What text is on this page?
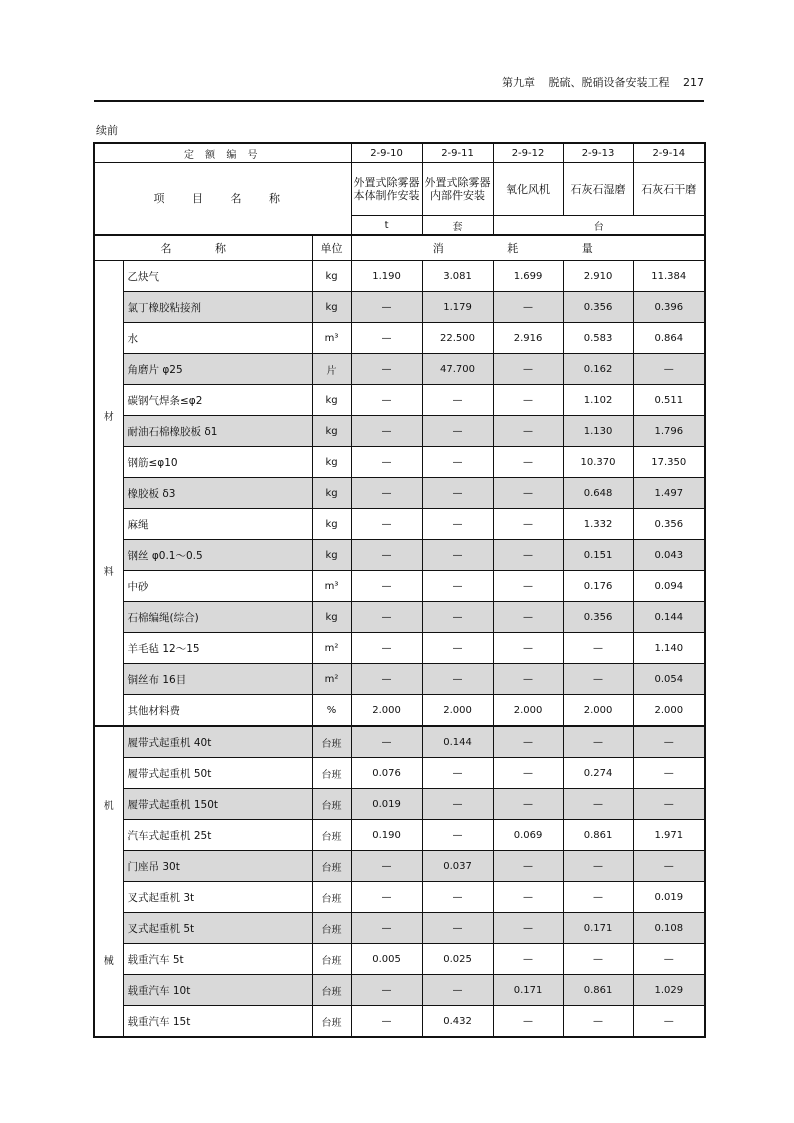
第九章 脱硫、脱硝设备安装工程 217
续前
定 额 编 号			2-9-10	2-9-11	2-9-12	2-9-13	2-9-14
项 目 名 称			外置式除雾器本体制作安装	外置式除雾器内部件安装	氧化风机	石灰石湿磨	石灰石干磨
			t	套	台		
名 称		单位	消 耗 量				

材
料	乙炔气	kg	1.190	3.081	1.699	2.910	11.384
	氯丁橡胶粘接剂	kg	—	1.179	—	0.356	0.396
	水	m³	—	22.500	2.916	0.583	0.864
	角磨片 φ25	片	—	47.700	—	0.162	—
	碳钢气焊条≤φ2	kg	—	—	—	1.102	0.511
	耐油石棉橡胶板 δ1	kg	—	—	—	1.130	1.796
	钢筋≤φ10	kg	—	—	—	10.370	17.350
	橡胶板 δ3	kg	—	—	—	0.648	1.497
	麻绳	kg	—	—	—	1.332	0.356
	钢丝 φ0.1～0.5	kg	—	—	—	0.151	0.043
	中砂	m³	—	—	—	0.176	0.094
	石棉编绳(综合)	kg	—	—	—	0.356	0.144
	羊毛毡 12～15	m²	—	—	—	—	1.140
	铜丝布 16目	m²	—	—	—	—	0.054
	其他材料费	%	2.000	2.000	2.000	2.000	2.000

机
械	履带式起重机 40t	台班	—	0.144	—	—	—
	履带式起重机 50t	台班	0.076	—	—	0.274	—
	履带式起重机 150t	台班	0.019	—	—	—	—
	汽车式起重机 25t	台班	0.190	—	0.069	0.861	1.971
	门座吊 30t	台班	—	0.037	—	—	—
	叉式起重机 3t	台班	—	—	—	—	0.019
	叉式起重机 5t	台班	—	—	—	0.171	0.108
	载重汽车 5t	台班	0.005	0.025	—	—	—
	载重汽车 10t	台班	—	—	0.171	0.861	1.029
	载重汽车 15t	台班	—	0.432	—	—	—
